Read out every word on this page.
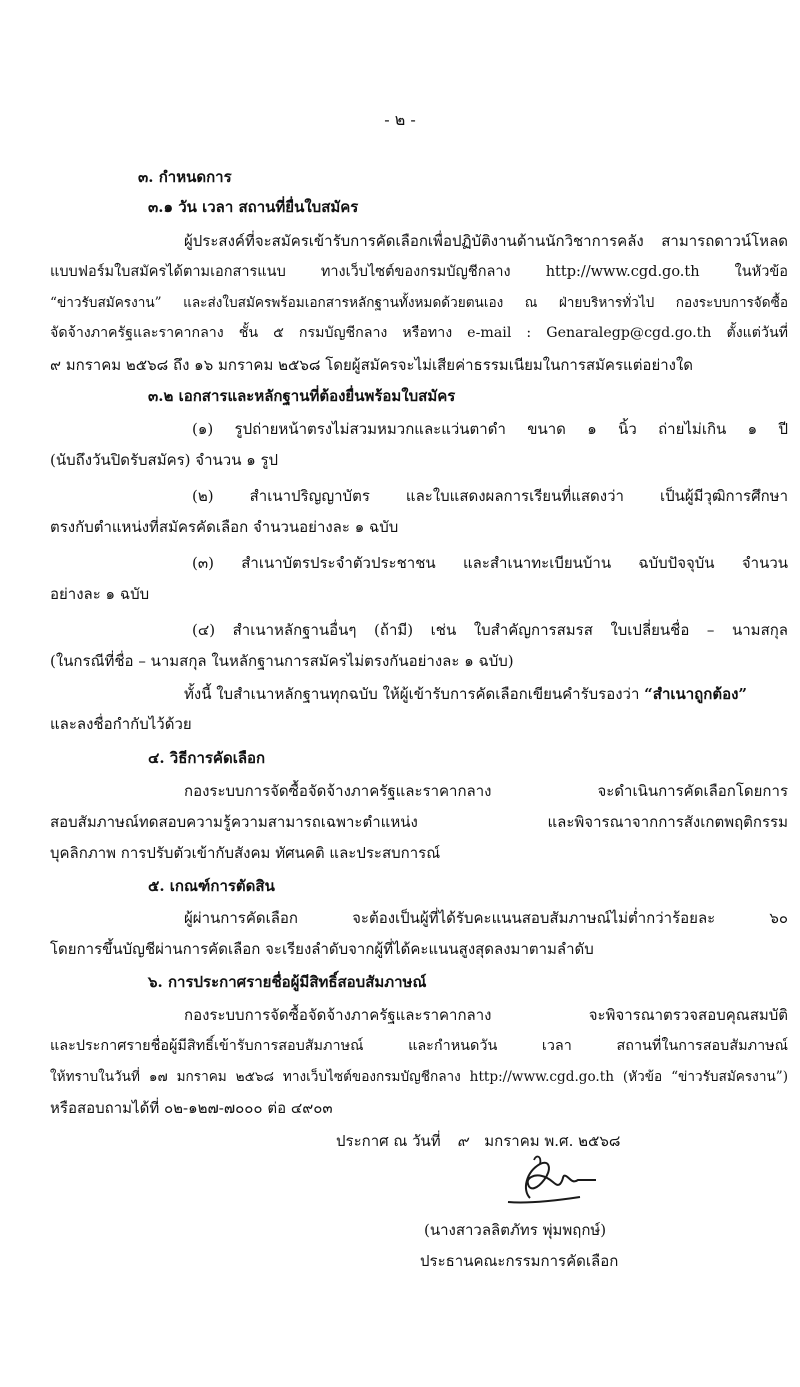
- ๒ -
๓. กำหนดการ
๓.๑ วัน เวลา สถานที่ยื่นใบสมัคร
ผู้ประสงค์ที่จะสมัครเข้ารับการคัดเลือกเพื่อปฏิบัติงานด้านนักวิชาการคลัง สามารถดาวน์โหลด
แบบฟอร์มใบสมัครได้ตามเอกสารแนบ ทางเว็บไซต์ของกรมบัญชีกลาง http://www.cgd.go.th ในหัวข้อ
“ข่าวรับสมัครงาน” และส่งใบสมัครพร้อมเอกสารหลักฐานทั้งหมดด้วยตนเอง ณ ฝ่ายบริหารทั่วไป กองระบบการจัดซื้อ
จัดจ้างภาครัฐและราคากลาง ชั้น ๕ กรมบัญชีกลาง หรือทาง e-mail : Genaralegp@cgd.go.th ตั้งแต่วันที่
๙ มกราคม ๒๕๖๘ ถึง ๑๖ มกราคม ๒๕๖๘ โดยผู้สมัครจะไม่เสียค่าธรรมเนียมในการสมัครแต่อย่างใด
๓.๒ เอกสารและหลักฐานที่ต้องยื่นพร้อมใบสมัคร
(๑) รูปถ่ายหน้าตรงไม่สวมหมวกและแว่นตาดำ ขนาด ๑ นิ้ว ถ่ายไม่เกิน ๑ ปี
(นับถึงวันปิดรับสมัคร) จำนวน ๑ รูป
(๒) สำเนาปริญญาบัตร และใบแสดงผลการเรียนที่แสดงว่า เป็นผู้มีวุฒิการศึกษา
ตรงกับตำแหน่งที่สมัครคัดเลือก จำนวนอย่างละ ๑ ฉบับ
(๓) สำเนาบัตรประจำตัวประชาชน และสำเนาทะเบียนบ้าน ฉบับปัจจุบัน จำนวน
อย่างละ ๑ ฉบับ
(๔) สำเนาหลักฐานอื่นๆ (ถ้ามี) เช่น ใบสำคัญการสมรส ใบเปลี่ยนชื่อ – นามสกุล
(ในกรณีที่ชื่อ – นามสกุล ในหลักฐานการสมัครไม่ตรงกันอย่างละ ๑ ฉบับ)
ทั้งนี้ ใบสำเนาหลักฐานทุกฉบับ ให้ผู้เข้ารับการคัดเลือกเขียนคำรับรองว่า “สำเนาถูกต้อง”
และลงชื่อกำกับไว้ด้วย
๔. วิธีการคัดเลือก
กองระบบการจัดซื้อจัดจ้างภาครัฐและราคากลาง จะดำเนินการคัดเลือกโดยการ
สอบสัมภาษณ์ทดสอบความรู้ความสามารถเฉพาะตำแหน่ง และพิจารณาจากการสังเกตพฤติกรรม
บุคลิกภาพ การปรับตัวเข้ากับสังคม ทัศนคติ และประสบการณ์
๕. เกณฑ์การตัดสิน
ผู้ผ่านการคัดเลือก จะต้องเป็นผู้ที่ได้รับคะแนนสอบสัมภาษณ์ไม่ต่ำกว่าร้อยละ ๖๐
โดยการขึ้นบัญชีผ่านการคัดเลือก จะเรียงลำดับจากผู้ที่ได้คะแนนสูงสุดลงมาตามลำดับ
๖. การประกาศรายชื่อผู้มีสิทธิ์สอบสัมภาษณ์
กองระบบการจัดซื้อจัดจ้างภาครัฐและราคากลาง จะพิจารณาตรวจสอบคุณสมบัติ
และประกาศรายชื่อผู้มีสิทธิ์เข้ารับการสอบสัมภาษณ์ และกำหนดวัน เวลา สถานที่ในการสอบสัมภาษณ์
ให้ทราบในวันที่ ๑๗ มกราคม ๒๕๖๘ ทางเว็บไซต์ของกรมบัญชีกลาง http://www.cgd.go.th (หัวข้อ “ข่าวรับสมัครงาน”)
หรือสอบถามได้ที่ ๐๒-๑๒๗-๗๐๐๐ ต่อ ๔๙๐๓
ประกาศ ณ วันที่ ๙ มกราคม พ.ศ. ๒๕๖๘
(นางสาวลลิตภัทร พุ่มพฤกษ์)
ประธานคณะกรรมการคัดเลือก
